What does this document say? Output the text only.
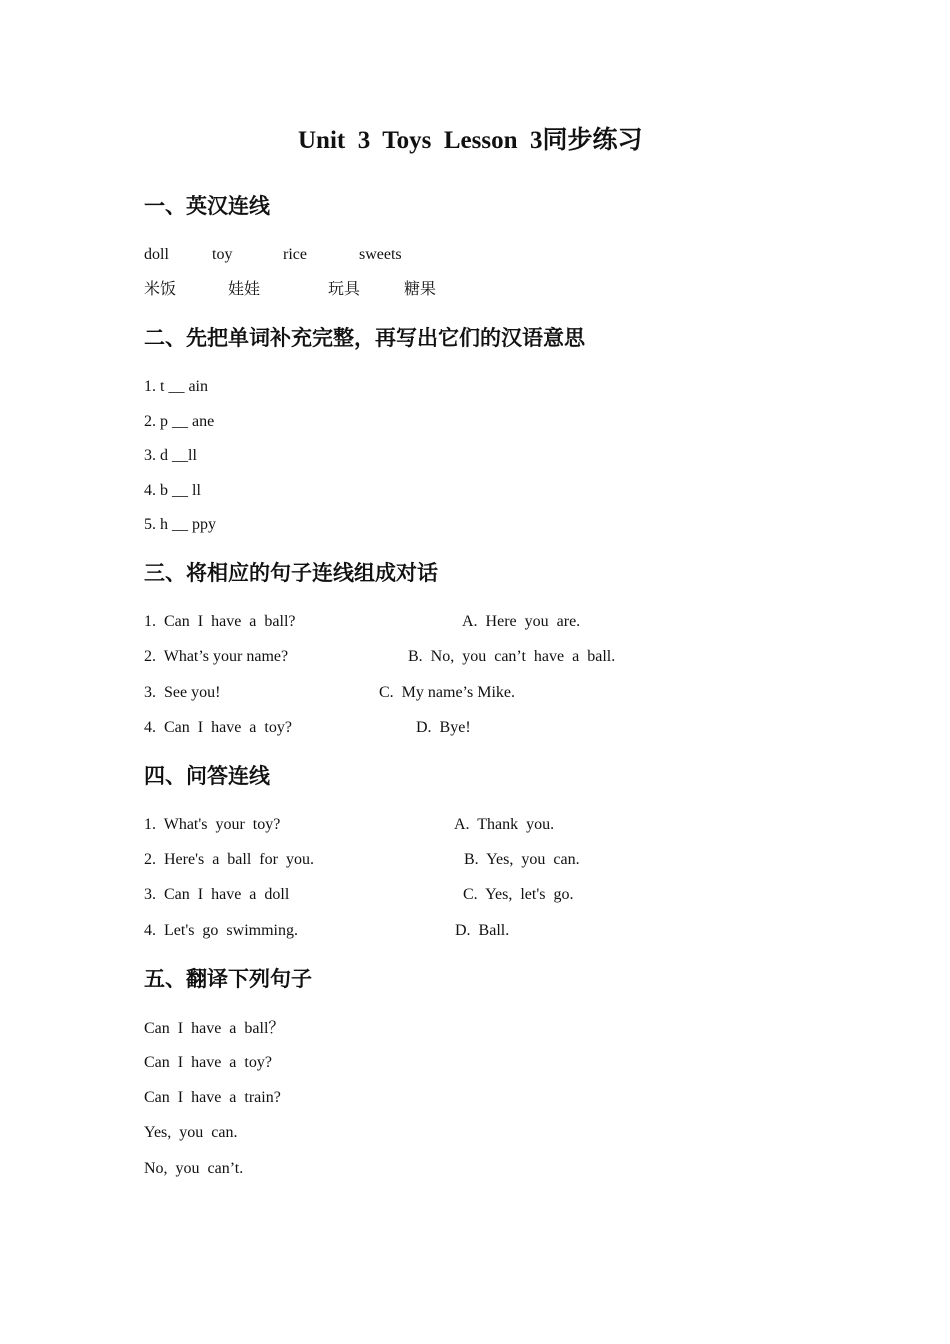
Unit  3  Toys  Lesson  3同步练习
一、英汉连线
doll	toy	rice	sweets
米饭	娃娃	玩具	糖果
二、先把单词补充完整，再写出它们的汉语意思
1. t __ ain
2. p __ ane
3. d __ll
4. b __ ll
5. h __ ppy
三、将相应的句子连线组成对话
1.  Can  I  have  a  ball?	A.  Here  you  are.
2.  What’s your name?	B.  No,  you  can’t  have  a  ball.
3.  See you!	C.  My name’s Mike.
4.  Can  I  have  a  toy?	D.  Bye!
四、问答连线
1.  What's  your  toy?	A.  Thank  you.
2.  Here's  a  ball  for  you.	B.  Yes,  you  can.
3.  Can  I  have  a  doll	C.  Yes,  let's  go.
4.  Let's  go  swimming.	D.  Ball.
五、翻译下列句子
Can  I  have  a  ball？
Can  I  have  a  toy?
Can  I  have  a  train?
Yes,  you  can.
No,  you  can’t.
